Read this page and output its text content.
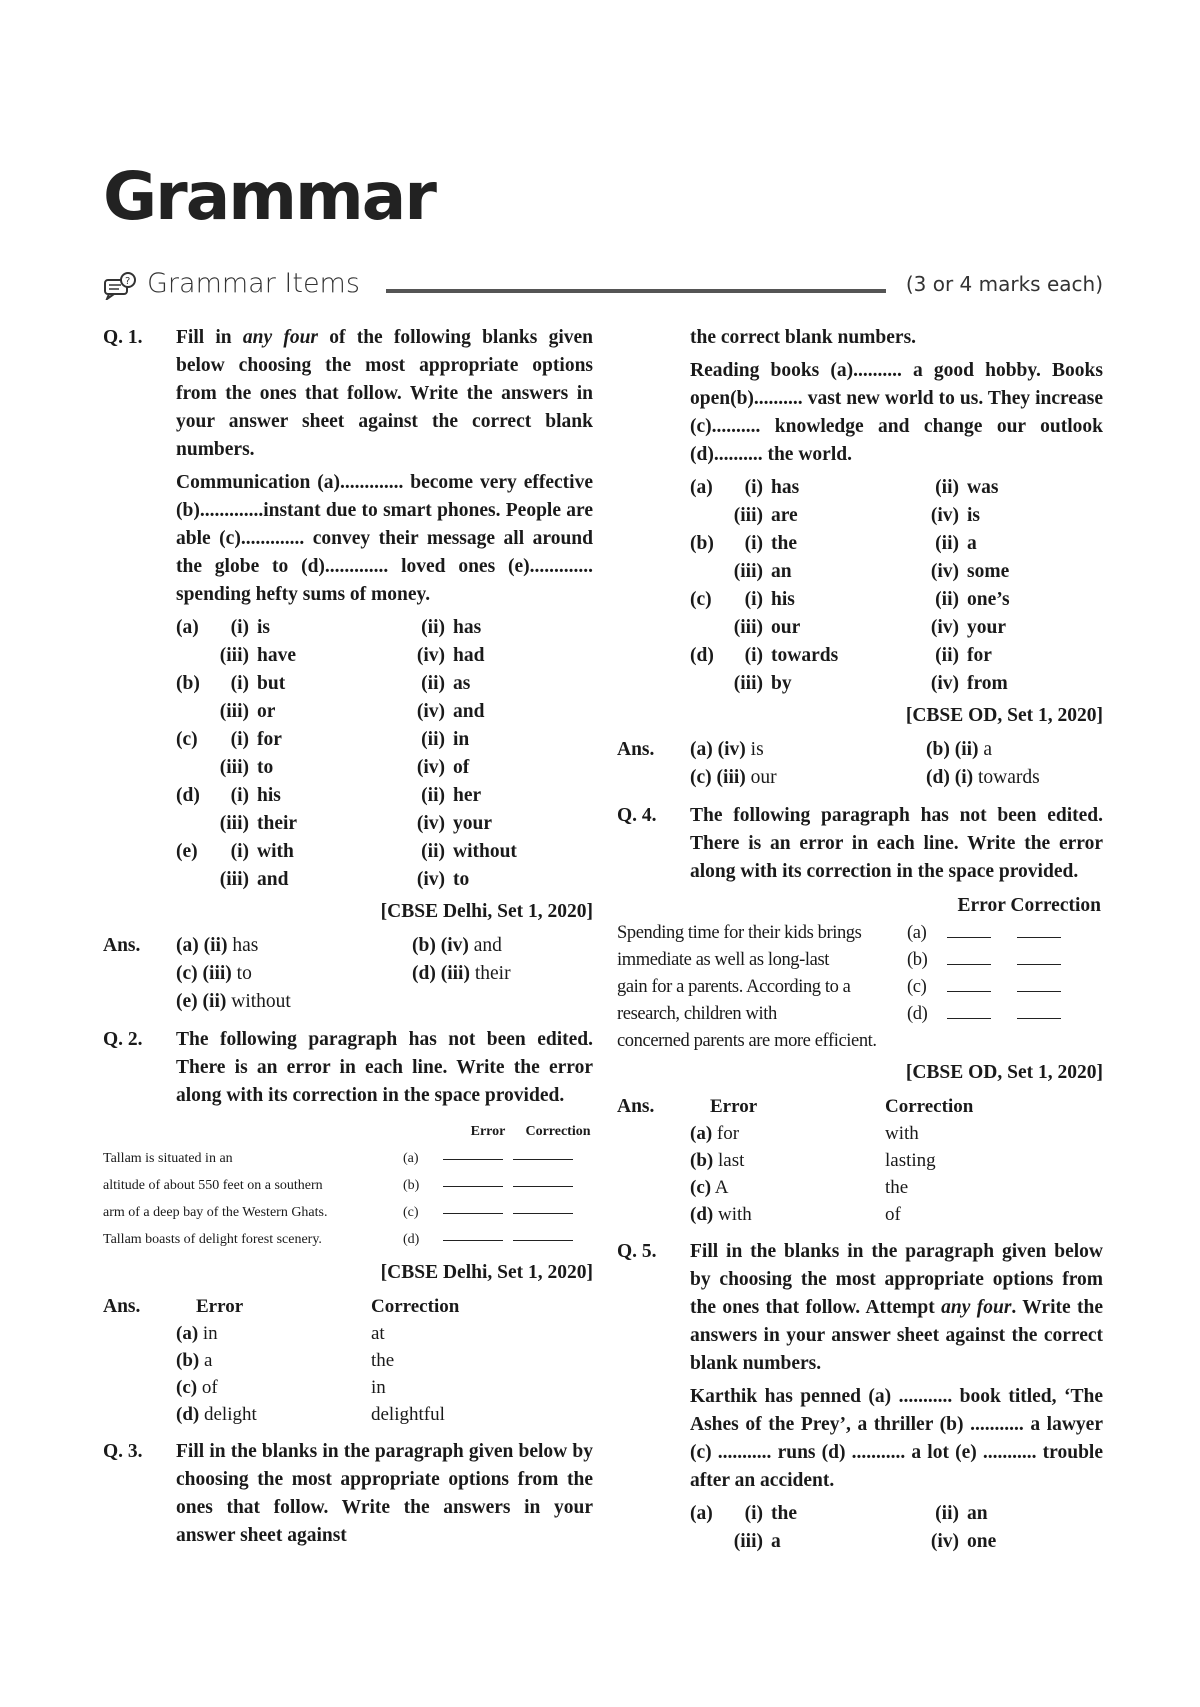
Grammar
? Grammar Items	(3 or 4 marks each)
Q. 1. Fill in any four of the following blanks given below choosing the most appropriate options from the ones that follow. Write the answers in your answer sheet against the correct blank numbers.

Communication (a)............. become very effective (b).............instant due to smart phones. People are able (c)............. convey their message all around the globe to (d)............. loved ones (e)............. spending hefty sums of money.

(a)	(i) is	(ii) has
(iii) have	(iv) had
(b)	(i) but	(ii) as
(iii) or	(iv) and
(c)	(i) for	(ii) in
(iii) to	(iv) of
(d)	(i) his	(ii) her
(iii) their	(iv) your
(e)	(i) with	(ii) without
(iii) and	(iv) to
[CBSE Delhi, Set 1, 2020]
Ans. (a) (ii) has	(b) (iv) and
(c) (iii) to	(d) (iii) their
(e) (ii) without
Q. 2. The following paragraph has not been edited. There is an error in each line. Write the error along with its correction in the space provided.

Error	Correction
Tallam is situated in an	(a)
altitude of about 550 feet on a southern	(b)
arm of a deep bay of the Western Ghats.	(c)
Tallam boasts of delight forest scenery.	(d)
[CBSE Delhi, Set 1, 2020]
Ans.	Error	Correction
(a) in	at
(b) a	the
(c) of	in
(d) delight	delightful
Q. 3. Fill in the blanks in the paragraph given below by choosing the most appropriate options from the ones that follow. Write the answers in your answer sheet against

the correct blank numbers.

Reading books (a).......... a good hobby. Books open(b).......... vast new world to us. They increase (c).......... knowledge and change our outlook (d).......... the world.

(a)	(i) has	(ii) was
(iii) are	(iv) is
(b)	(i) the	(ii) a
(iii) an	(iv) some
(c)	(i) his	(ii) one’s
(iii) our	(iv) your
(d)	(i) towards	(ii) for
(iii) by	(iv) from
[CBSE OD, Set 1, 2020]
Ans. (a) (iv) is	(b) (ii) a
(c) (iii) our	(d) (i) towards
Q. 4. The following paragraph has not been edited. There is an error in each line. Write the error along with its correction in the space provided.

Error Correction
Spending time for their kids brings	(a)
immediate as well as long-last	(b)
gain for a parents. According to a	(c)
research, children with	(d)
concerned parents are more efficient.
[CBSE OD, Set 1, 2020]
Ans.	Error	Correction
(a) for	with
(b) last	lasting
(c) A	the
(d) with	of
Q. 5. Fill in the blanks in the paragraph given below by choosing the most appropriate options from the ones that follow. Attempt any four. Write the answers in your answer sheet against the correct blank numbers.

Karthik has penned (a) ........... book titled, ‘The Ashes of the Prey’, a thriller (b) ........... a lawyer (c) ........... runs (d) ........... a lot (e) ........... trouble after an accident.

(a)	(i) the	(ii) an
(iii) a	(iv) one
